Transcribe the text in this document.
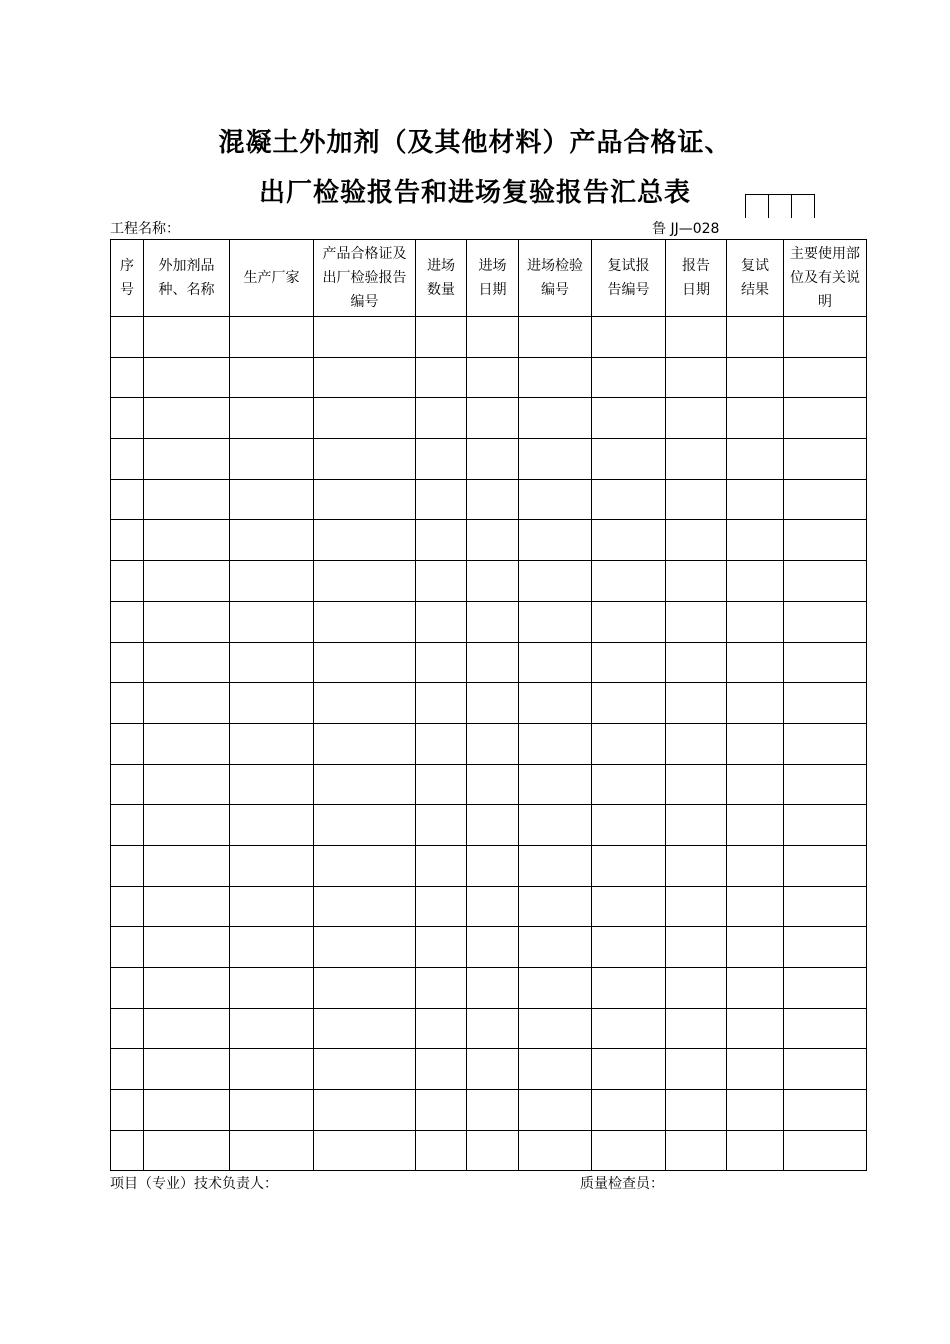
混凝土外加剂（及其他材料）产品合格证、
出厂检验报告和进场复验报告汇总表
工程名称：	鲁 JJ—028
序号	外加剂品种、名称	生产厂家	产品合格证及出厂检验报告编号	进场数量	进场日期	进场检验编号	复试报告编号	报告日期	复试结果	主要使用部位及有关说明

项目（专业）技术负责人：	质量检查员：
